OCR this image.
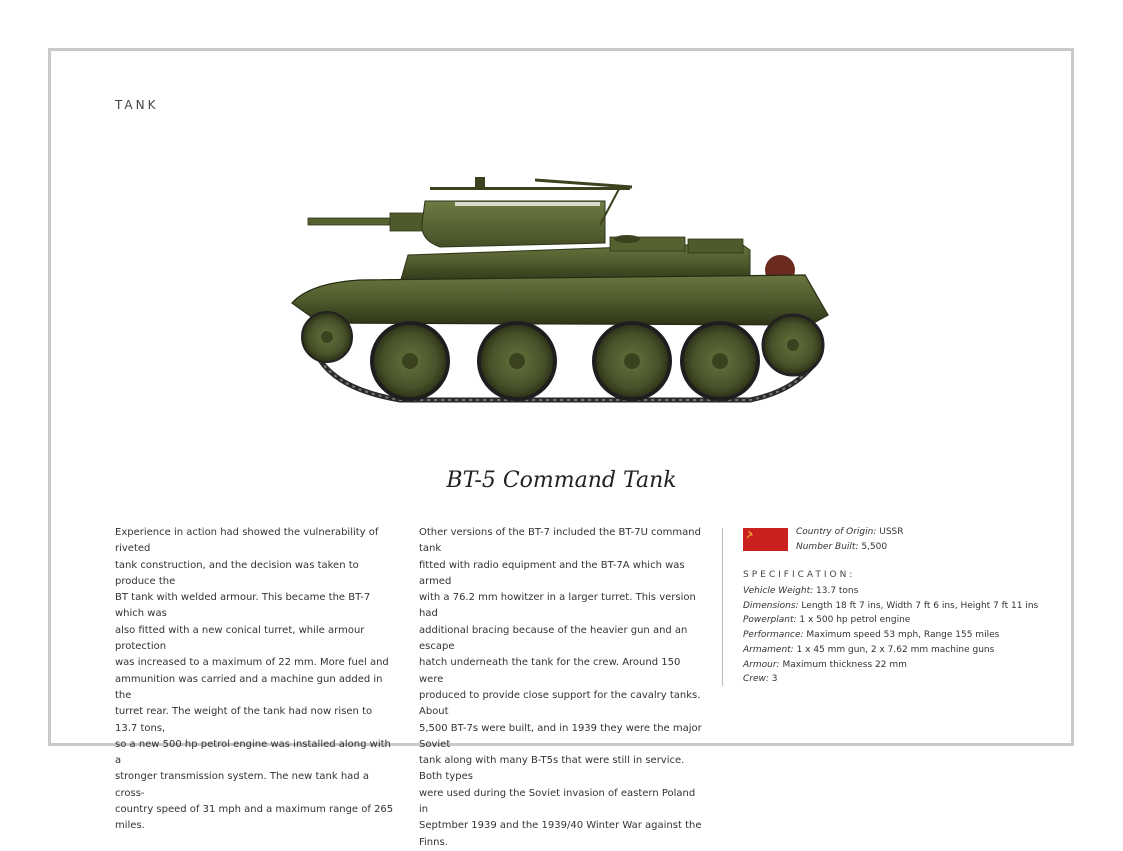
TANK
BT-5 Command Tank
Experience in action had showed the vulnerability of riveted
tank construction, and the decision was taken to produce the
BT tank with welded armour. This became the BT-7 which was
also fitted with a new conical turret, while armour protection
was increased to a maximum of 22 mm. More fuel and
ammunition was carried and a machine gun added in the
turret rear. The weight of the tank had now risen to 13.7 tons,
so a new 500 hp petrol engine was installed along with a
stronger transmission system. The new tank had a cross-
country speed of 31 mph and a maximum range of 265 miles.
Other versions of the BT-7 included the BT-7U command tank
fitted with radio equipment and the BT-7A which was armed
with a 76.2 mm howitzer in a larger turret. This version had
additional bracing because of the heavier gun and an escape
hatch underneath the tank for the crew. Around 150 were
produced to provide close support for the cavalry tanks. About
5,500 BT-7s were built, and in 1939 they were the major Soviet
tank along with many B-T5s that were still in service. Both types
were used during the Soviet invasion of eastern Poland in
Septmber 1939 and the 1939/40 Winter War against the Finns.
Country of Origin: USSR
Number Built: 5,500
SPECIFICATION:
Vehicle Weight: 13.7 tons
Dimensions: Length 18 ft 7 ins, Width 7 ft 6 ins, Height 7 ft 11 ins
Powerplant: 1 x 500 hp petrol engine
Performance: Maximum speed 53 mph, Range 155 miles
Armament: 1 x 45 mm gun, 2 x 7.62 mm machine guns
Armour: Maximum thickness 22 mm
Crew: 3
